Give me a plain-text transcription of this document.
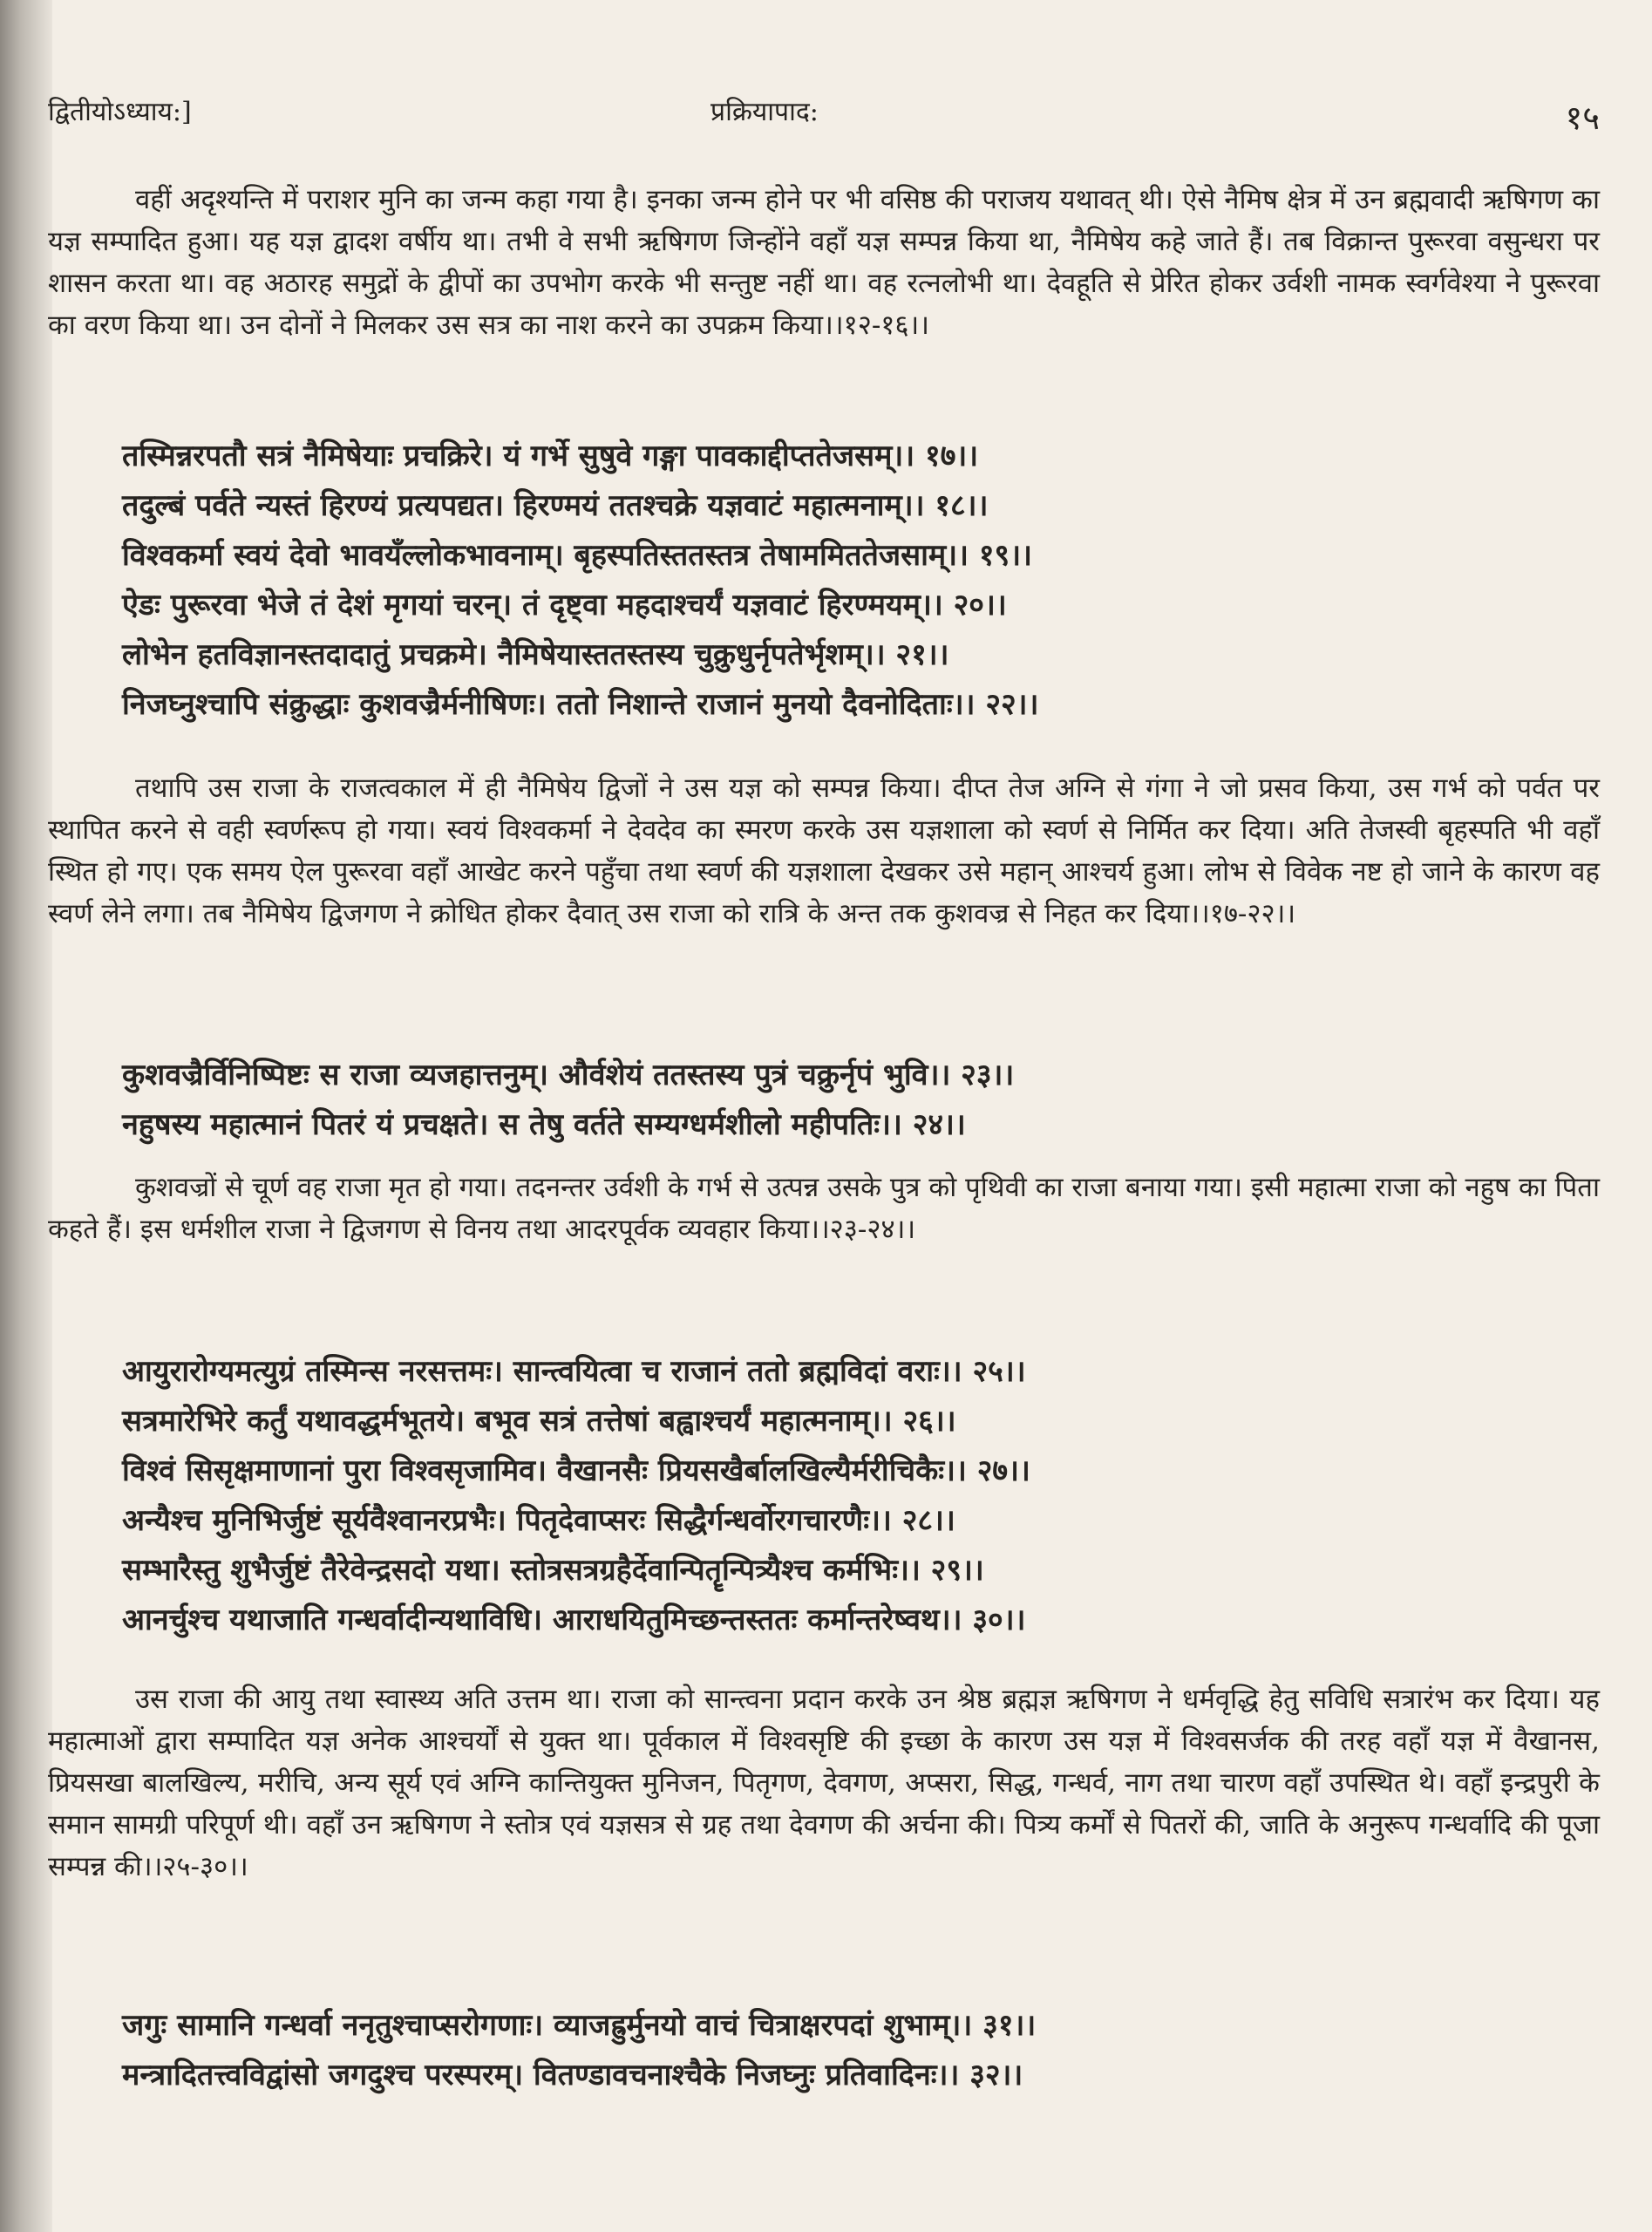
द्वितीयोऽध्याय:]	प्रक्रियापाद:	१५
वहीं अदृश्यन्ति में पराशर मुनि का जन्म कहा गया है। इनका जन्म होने पर भी वसिष्ठ की पराजय यथावत् थी। ऐसे नैमिष क्षेत्र में उन ब्रह्मवादी ऋषिगण का यज्ञ सम्पादित हुआ। यह यज्ञ द्वादश वर्षीय था। तभी वे सभी ऋषिगण जिन्होंने वहाँ यज्ञ सम्पन्न किया था, नैमिषेय कहे जाते हैं। तब विक्रान्त पुरूरवा वसुन्धरा पर शासन करता था। वह अठारह समुद्रों के द्वीपों का उपभोग करके भी सन्तुष्ट नहीं था। वह रत्नलोभी था। देवहूति से प्रेरित होकर उर्वशी नामक स्वर्गवेश्या ने पुरूरवा का वरण किया था। उन दोनों ने मिलकर उस सत्र का नाश करने का उपक्रम किया।।१२-१६।।
तस्मिन्नरपतौ सत्रं नैमिषेयाः प्रचक्रिरे। यं गर्भे सुषुवे गङ्गा पावकाद्दीप्ततेजसम्।। १७।।
तदुल्बं पर्वते न्यस्तं हिरण्यं प्रत्यपद्यत। हिरण्मयं ततश्चक्रे यज्ञवाटं महात्मनाम्।। १८।।
विश्वकर्मा स्वयं देवो भावयँल्लोकभावनाम्। बृहस्पतिस्ततस्तत्र तेषाममिततेजसाम्।। १९।।
ऐडः पुरूरवा भेजे तं देशं मृगयां चरन्। तं दृष्ट्वा महदाश्चर्यं यज्ञवाटं हिरण्मयम्।। २०।।
लोभेन हतविज्ञानस्तदादातुं प्रचक्रमे। नैमिषेयास्ततस्तस्य चुक्रुधुर्नृपतेर्भृशम्।। २१।।
निजघ्नुश्चापि संक्रुद्धाः कुशवज्रैर्मनीषिणः। ततो निशान्ते राजानं मुनयो दैवनोदिताः।। २२।।
तथापि उस राजा के राजत्वकाल में ही नैमिषेय द्विजों ने उस यज्ञ को सम्पन्न किया। दीप्त तेज अग्नि से गंगा ने जो प्रसव किया, उस गर्भ को पर्वत पर स्थापित करने से वही स्वर्णरूप हो गया। स्वयं विश्वकर्मा ने देवदेव का स्मरण करके उस यज्ञशाला को स्वर्ण से निर्मित कर दिया। अति तेजस्वी बृहस्पति भी वहाँ स्थित हो गए। एक समय ऐल पुरूरवा वहाँ आखेट करने पहुँचा तथा स्वर्ण की यज्ञशाला देखकर उसे महान् आश्चर्य हुआ। लोभ से विवेक नष्ट हो जाने के कारण वह स्वर्ण लेने लगा। तब नैमिषेय द्विजगण ने क्रोधित होकर दैवात् उस राजा को रात्रि के अन्त तक कुशवज्र से निहत कर दिया।।१७-२२।।
कुशवज्रैर्विनिष्पिष्टः स राजा व्यजहात्तनुम्। और्वशेयं ततस्तस्य पुत्रं चक्रुर्नृपं भुवि।। २३।।
नहुषस्य महात्मानं पितरं यं प्रचक्षते। स तेषु वर्तते सम्यग्धर्मशीलो महीपतिः।। २४।।
कुशवज्रों से चूर्ण वह राजा मृत हो गया। तदनन्तर उर्वशी के गर्भ से उत्पन्न उसके पुत्र को पृथिवी का राजा बनाया गया। इसी महात्मा राजा को नहुष का पिता कहते हैं। इस धर्मशील राजा ने द्विजगण से विनय तथा आदरपूर्वक व्यवहार किया।।२३-२४।।
आयुरारोग्यमत्युग्रं तस्मिन्स नरसत्तमः। सान्त्वयित्वा च राजानं ततो ब्रह्मविदां वराः।। २५।।
सत्रमारेभिरे कर्तुं यथावद्धर्मभूतये। बभूव सत्रं तत्तेषां बह्वाश्चर्यं महात्मनाम्।। २६।।
विश्वं सिसृक्षमाणानां पुरा विश्वसृजामिव। वैखानसैः प्रियसखैर्बालखिल्यैर्मरीचिकैः।। २७।।
अन्यैश्च मुनिभिर्जुष्टं सूर्यवैश्वानरप्रभैः। पितृदेवाप्सरः सिद्धैर्गन्धर्वोरगचारणैः।। २८।।
सम्भारैस्तु शुभैर्जुष्टं तैरेवेन्द्रसदो यथा। स्तोत्रसत्रग्रहैर्देवान्पितॄन्पित्र्यैश्च कर्मभिः।। २९।।
आनर्चुश्च यथाजाति गन्धर्वादीन्यथाविधि। आराधयितुमिच्छन्तस्ततः कर्मान्तरेष्वथ।। ३०।।
उस राजा की आयु तथा स्वास्थ्य अति उत्तम था। राजा को सान्त्वना प्रदान करके उन श्रेष्ठ ब्रह्मज्ञ ऋषिगण ने धर्मवृद्धि हेतु सविधि सत्रारंभ कर दिया। यह महात्माओं द्वारा सम्पादित यज्ञ अनेक आश्चर्यों से युक्त था। पूर्वकाल में विश्वसृष्टि की इच्छा के कारण उस यज्ञ में विश्वसर्जक की तरह वहाँ यज्ञ में वैखानस, प्रियसखा बालखिल्य, मरीचि, अन्य सूर्य एवं अग्नि कान्तियुक्त मुनिजन, पितृगण, देवगण, अप्सरा, सिद्ध, गन्धर्व, नाग तथा चारण वहाँ उपस्थित थे। वहाँ इन्द्रपुरी के समान सामग्री परिपूर्ण थी। वहाँ उन ऋषिगण ने स्तोत्र एवं यज्ञसत्र से ग्रह तथा देवगण की अर्चना की। पित्र्य कर्मों से पितरों की, जाति के अनुरूप गन्धर्वादि की पूजा सम्पन्न की।।२५-३०।।
जगुः सामानि गन्धर्वा ननृतुश्चाप्सरोगणाः। व्याजह्रुर्मुनयो वाचं चित्राक्षरपदां शुभाम्।। ३१।।
मन्त्रादितत्त्वविद्वांसो जगदुश्च परस्परम्। वितण्डावचनाश्चैके निजघ्नुः प्रतिवादिनः।। ३२।।
